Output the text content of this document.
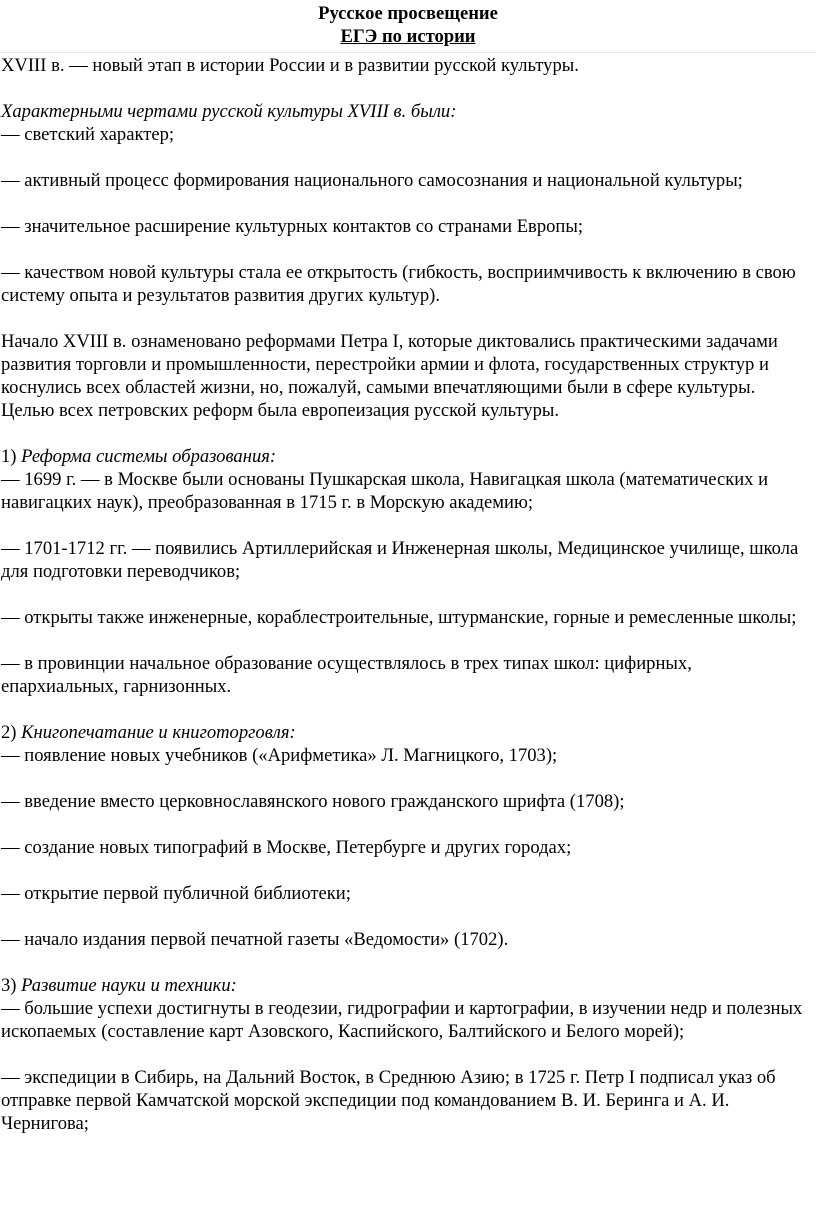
Русское просвещение
ЕГЭ по истории

XVIII в. — новый этап в истории России и в развитии русской культуры.

Характерными чертами русской культуры XVIII в. были:

— светский характер;

— активный процесс формирования национального самосознания и национальной культуры;

— значительное расширение культурных контактов со странами Европы;

— качеством новой культуры стала ее открытость (гибкость, восприимчивость к включению в свою систему опыта и результатов развития других культур).

Начало XVIII в. ознаменовано реформами Петра I, которые диктовались практическими задачами развития торговли и промышленности, перестройки армии и флота, государственных структур и коснулись всех областей жизни, но, пожалуй, самыми впечатляющими были в сфере культуры. Целью всех петровских реформ была европеизация русской культуры.

1) Реформа системы образования:

— 1699 г. — в Москве были основаны Пушкарская школа, Навигацкая школа (математических и навигацких наук), преобразованная в 1715 г. в Морскую академию;

— 1701-1712 гг. — появились Артиллерийская и Инженерная школы, Медицинское училище, школа для подготовки переводчиков;

— открыты также инженерные, кораблестроительные, штурманские, горные и ремесленные школы;

— в провинции начальное образование осуществлялось в трех типах школ: цифирных, епархиальных, гарнизонных.

2) Книгопечатание и книготорговля:

— появление новых учебников («Арифметика» Л. Магницкого, 1703);

— введение вместо церковнославянского нового гражданского шрифта (1708);

— создание новых типографий в Москве, Петербурге и других городах;

— открытие первой публичной библиотеки;

— начало издания первой печатной газеты «Ведомости» (1702).

3) Развитие науки и техники:

— большие успехи достигнуты в геодезии, гидрографии и картографии, в изучении недр и полезных ископаемых (составление карт Азовского, Каспийского, Балтийского и Белого морей);

— экспедиции в Сибирь, на Дальний Восток, в Среднюю Азию; в 1725 г. Петр I подписал указ об отправке первой Камчатской морской экспедиции под командованием В. И. Беринга и А. И. Чернигова;
